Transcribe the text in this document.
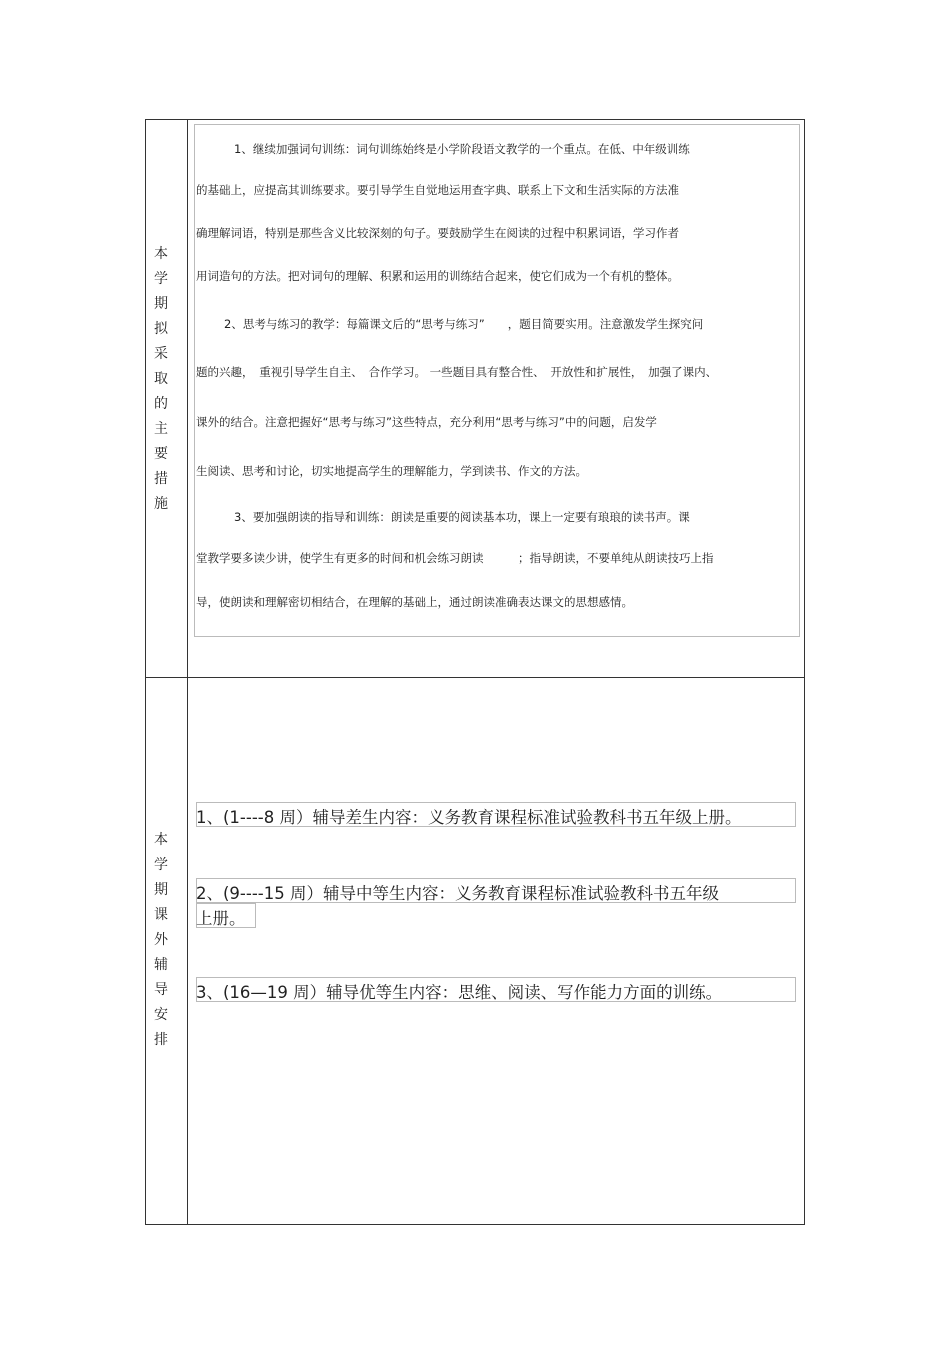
本
学
期
拟
采
取
的
主
要
措
施
1、继续加强词句训练：词句训练始终是小学阶段语文教学的一个重点。在低、中年级训练
的基础上，应提高其训练要求。要引导学生自觉地运用查字典、联系上下文和生活实际的方法准
确理解词语，特别是那些含义比较深刻的句子。要鼓励学生在阅读的过程中积累词语，学习作者
用词造句的方法。把对词句的理解、积累和运用的训练结合起来，使它们成为一个有机的整体。
2、思考与练习的教学：每篇课文后的“思考与练习”　　，题目简要实用。注意激发学生探究问
题的兴趣，　重视引导学生自主、　合作学习。 一些题目具有整合性、　开放性和扩展性，　加强了课内、
课外的结合。注意把握好“思考与练习”这些特点，充分利用“思考与练习”中的问题，启发学
生阅读、思考和讨论，切实地提高学生的理解能力，学到读书、作文的方法。
3、要加强朗读的指导和训练：朗读是重要的阅读基本功，课上一定要有琅琅的读书声。课
堂教学要多读少讲，使学生有更多的时间和机会练习朗读　　　；指导朗读，不要单纯从朗读技巧上指
导，使朗读和理解密切相结合，在理解的基础上，通过朗读准确表达课文的思想感情。
本
学
期
课
外
辅
导
安
排
1、(1----8 周）辅导差生内容：义务教育课程标准试验教科书五年级上册。
2、(9----15 周）辅导中等生内容：义务教育课程标准试验教科书五年级
上册。
3、(16—19 周）辅导优等生内容：思维、阅读、写作能力方面的训练。
